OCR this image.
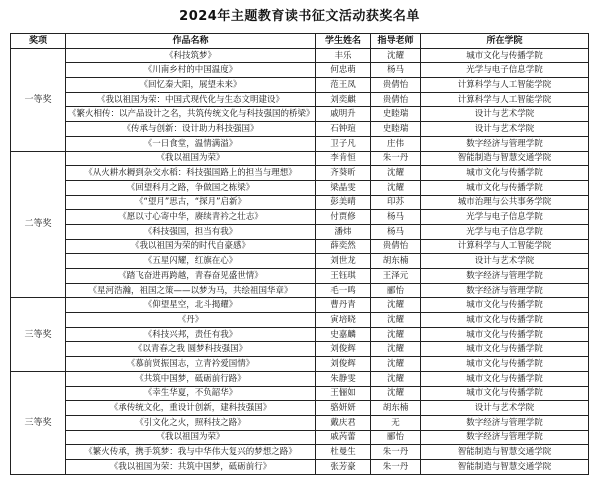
2024年主题教育读书征文活动获奖名单
奖项	作品名称	学生姓名	指导老师	所在学院
一等奖	《科技筑梦》	丰乐	沈耀	城市文化与传播学院
	《川南乡村的中国温度》	何忠萌	杨马	光学与电子信息学院
	《回忆秦大阳，展望未来》	范王凤	贵倩怡	计算科学与人工智能学院
	《我以祖国为荣：中国式现代化与生态文明建设》	刘奕麒	贵倩怡	计算科学与人工智能学院
	《繁火相传：以产品设计之名，共筑传统文化与科技强国的桥梁》	戚明升	史睦瑞	设计与艺术学院
	《传承与创新：设计助力科技强国》	石钟瑄	史睦瑞	设计与艺术学院
	《一日食堂，温情满溢》	卫子凡	庄伟	数字经济与管理学院
二等奖	《我以祖国为荣》	李肯恒	朱一丹	智能制造与智慧交通学院
	《从火耕水耨到杂交水稻：科技强国路上的担当与理想》	齐葵昕	沈耀	城市文化与传播学院
	《回望科月之路，争做国之栋梁》	梁晶雯	沈耀	城市文化与传播学院
	《“望月”思古，“探月”启新》	彭美晴	印苏	城市治理与公共事务学院
	《愿以寸心寄中华，赓续青衿之壮志》	付贾修	杨马	光学与电子信息学院
	《科技强国，担当有我》	潘炜	杨马	光学与电子信息学院
	《我以祖国为荣的时代自豪感》	薛奕然	贵倩怡	计算科学与人工智能学院
	《五星闪耀，红旗在心》	刘世龙	胡东楠	设计与艺术学院
	《踏飞奋进再跨越，青春奋见盛世情》	王钰琪	王泽元	数字经济与管理学院
	《星河浩瀚，祖国之策——以梦为马，共绘祖国华章》	毛一鸣	郦怡	数字经济与管理学院
三等奖	《仰望星空，北斗揭耀》	曹丹青	沈耀	城市文化与传播学院
	《丹》	寅培晓	沈耀	城市文化与传播学院
	《科技兴邦，责任有我》	史嘉麟	沈耀	城市文化与传播学院
	《以青春之我 圆梦科技强国》	刘俊辉	沈耀	城市文化与传播学院
	《慕前贤振国志，立青衿爱国情》	刘俊辉	沈耀	城市文化与传播学院
三等奖	《共筑中国梦，砥砺前行路》	朱静雯	沈耀	城市文化与传播学院
	《幸生华夏，不负韶华》	王俪如	沈耀	城市文化与传播学院
	《承传统文化，重设计创新，建科技强国》	骆妍妍	胡东楠	设计与艺术学院
	《引文化之火，照科技之路》	戴庆君	无	数字经济与管理学院
	《我以祖国为荣》	戚芮蕾	郦怡	数字经济与管理学院
	《繁火传承，携手筑梦：我与中华伟大复兴的梦想之路》	杜曼生	朱一丹	智能制造与智慧交通学院
	《我以祖国为荣：共筑中国梦，砥砺前行》	张芳豪	朱一丹	智能制造与智慧交通学院
